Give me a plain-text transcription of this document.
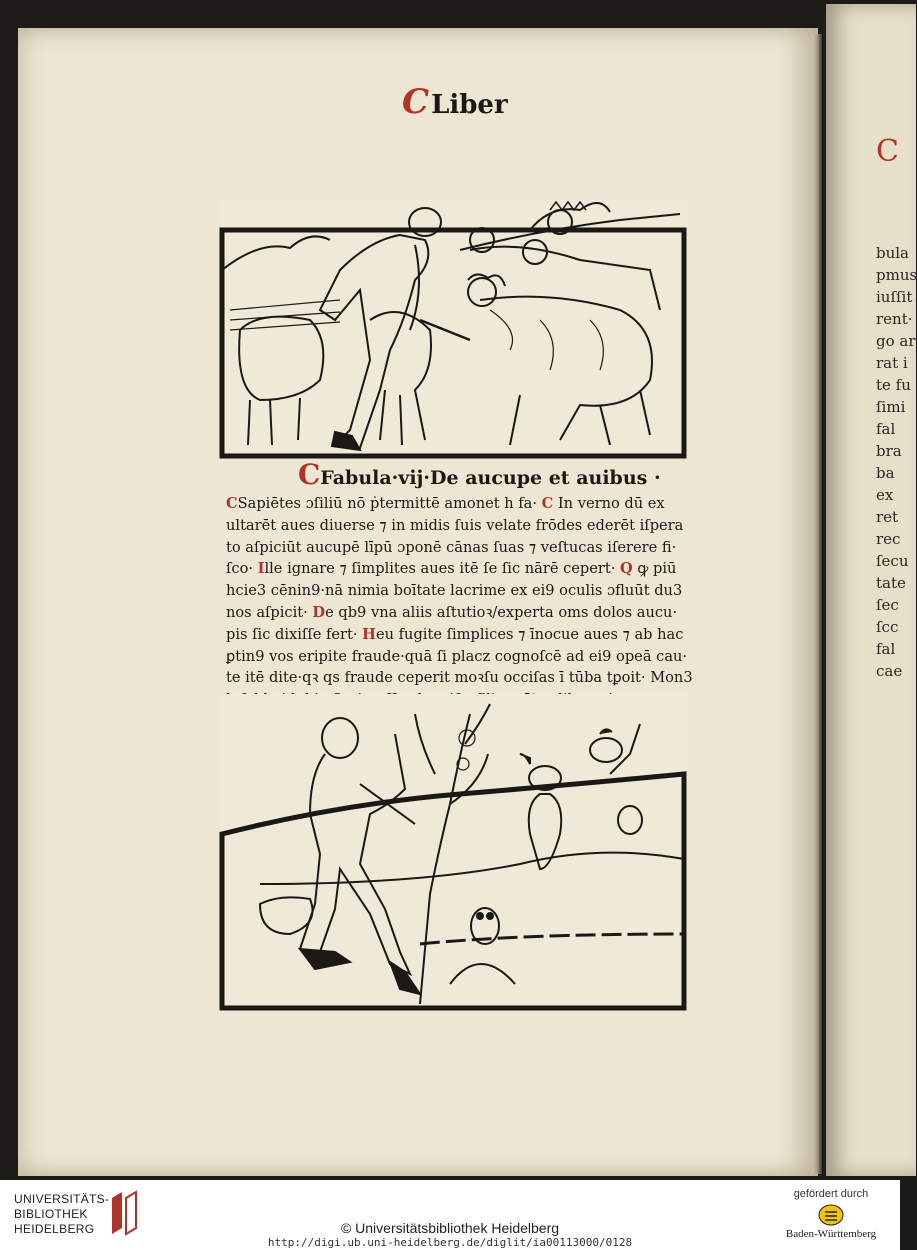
C
bula
pmus
iuſſit
rent·
go ar
rat i
te fu
ſimi
fal
bra
ba
ex
ret
rec
ſecu
tate
ſec
ſcc
fal
cae
CLiber
CFabula·vij·De aucupe et auibus ·
CSapiētes ɔſiliū nō ṗtermittē amonet h fa· C In verno dū ex
ultarēt aues diuerse ⁊ in midis ſuis velate frōdes ederēt iſpera
to aſpiciūt aucupē līpū ɔponē cānas ſuas ⁊ veſtucas iſerere fi·
ſco· Ille ignare ⁊ ſimplites aues itē ſe ſic nārē cepert· Q ꝙ piū
hcie3 cēnin9·nā nimia boītate lacrime ex ei9 oculis ɔfluūt du3
nos aſpicit· De qb9 vna aliis aſtutioꝛ/experta oms dolos aucu·
pis ſic dixiſſe fert· Heu fugite ſimplices ⁊ īnocue aues ⁊ ab hac
ꝑtin9 vos eripite fraude·quā ſi placz cognoſcē ad ei9 opeā cau·
te itē dite·qꝛ qs fraude ceperit moꝛſu occiſas ī tūba tꝑoit· Mon3
UNIVERSITÄTS-
BIBLIOTHEK
HEIDELBERG	© Universitätsbibliothek Heidelberg
http://digi.ub.uni-heidelberg.de/diglit/ia00113000/0128
gefördert durch
Baden-Württemberg
